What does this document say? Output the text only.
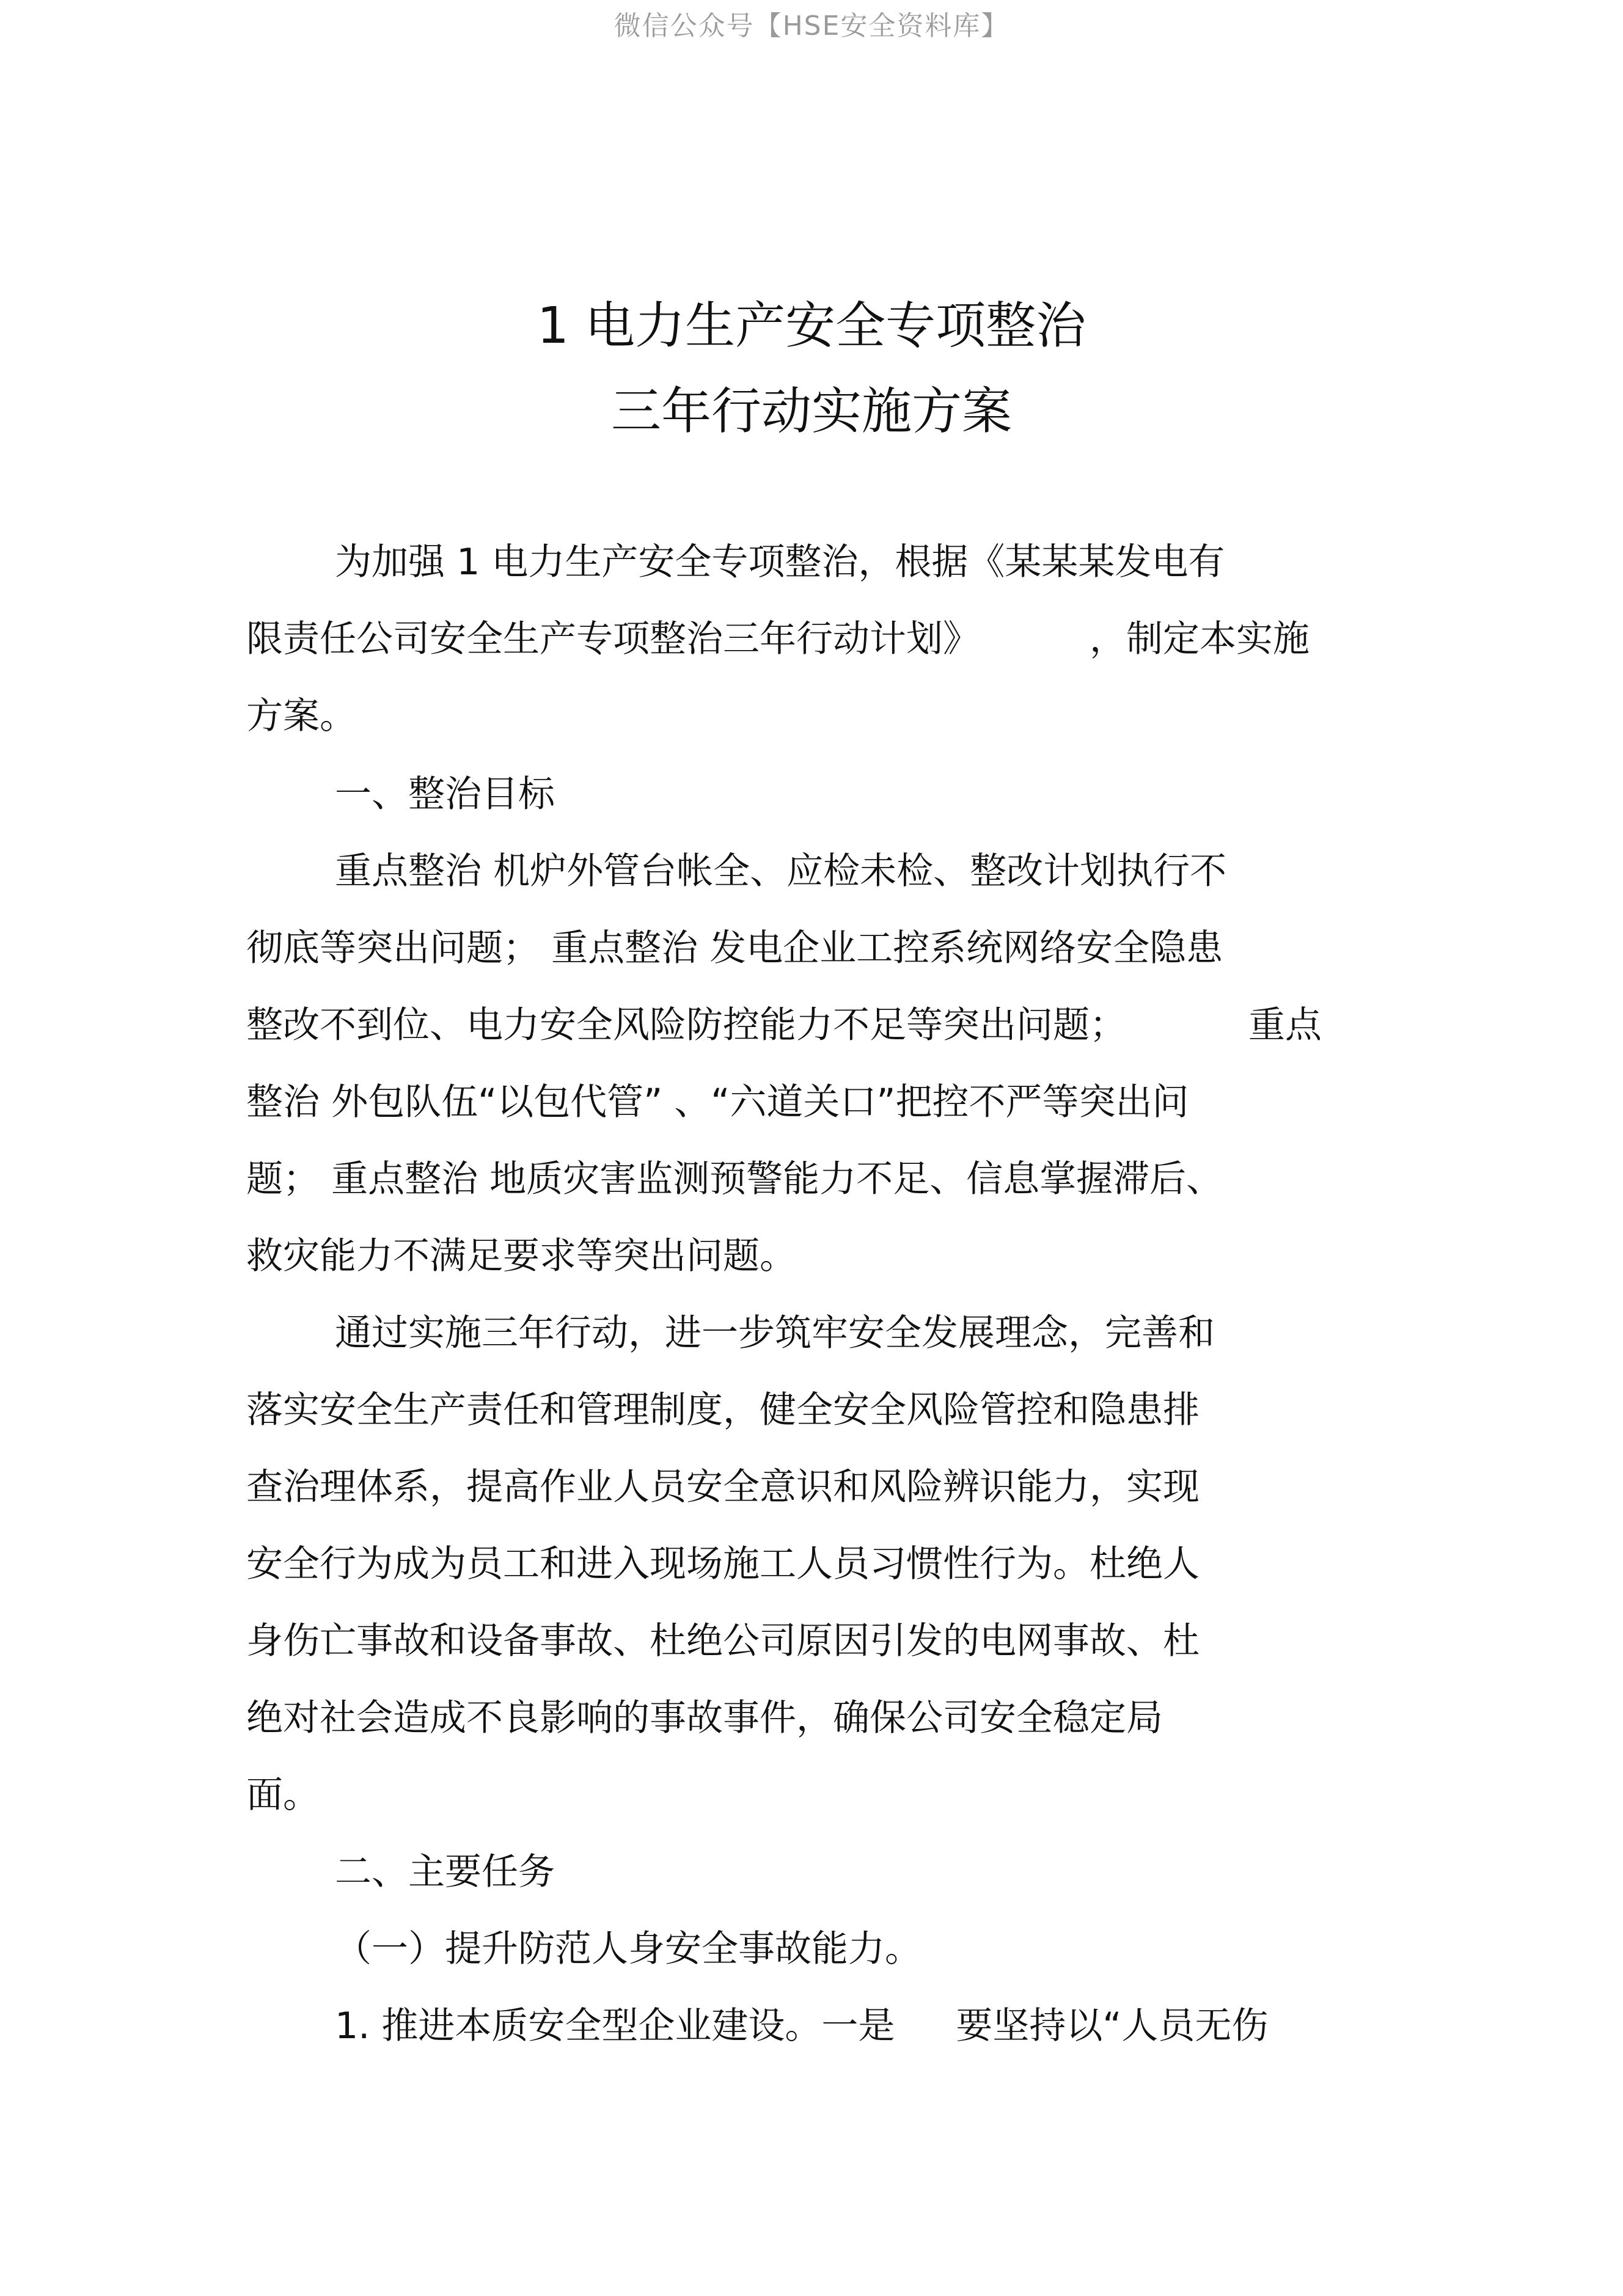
微信公众号【HSE安全资料库】
1 电力生产安全专项整治
三年行动实施方案
为加强 1 电力生产安全专项整治，根据《某某某发电有
限责任公司安全生产专项整治三年行动计划》	，制定本实施
方案。
一、整治目标
重点整治 机炉外管台帐全、应检未检、整改计划执行不
彻底等突出问题； 重点整治 发电企业工控系统网络安全隐患
整改不到位、电力安全风险防控能力不足等突出问题；	重点
整治 外包队伍“以包代管” 、“六道关口”把控不严等突出问
题； 重点整治 地质灾害监测预警能力不足、信息掌握滞后、
救灾能力不满足要求等突出问题。
通过实施三年行动，进一步筑牢安全发展理念，完善和
落实安全生产责任和管理制度，健全安全风险管控和隐患排
查治理体系，提高作业人员安全意识和风险辨识能力，实现
安全行为成为员工和进入现场施工人员习惯性行为。杜绝人
身伤亡事故和设备事故、杜绝公司原因引发的电网事故、杜
绝对社会造成不良影响的事故事件，确保公司安全稳定局
面。
二、主要任务
（一）提升防范人身安全事故能力。
1. 推进本质安全型企业建设。一是 要坚持以“人员无伤
